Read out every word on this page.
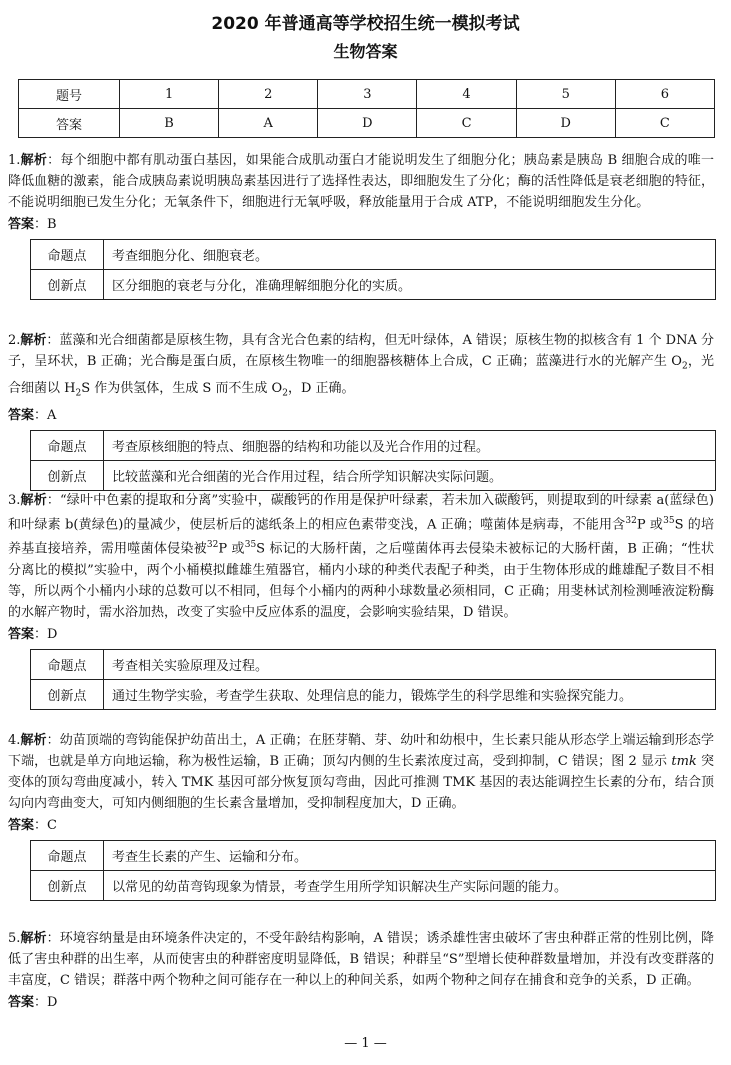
2020 年普通高等学校招生统一模拟考试
生物答案
题号	1	2	3	4	5	6
答案	B	A	D	C	D	C

1.解析：每个细胞中都有肌动蛋白基因，如果能合成肌动蛋白才能说明发生了细胞分化；胰岛素是胰岛 B 细胞合成的唯一降低血糖的激素，能合成胰岛素说明胰岛素基因进行了选择性表达，即细胞发生了分化；酶的活性降低是衰老细胞的特征，不能说明细胞已发生分化；无氧条件下，细胞进行无氧呼吸，释放能量用于合成 ATP，不能说明细胞发生分化。

答案：B
命题点	考查细胞分化、细胞衰老。
创新点	区分细胞的衰老与分化，准确理解细胞分化的实质。

2.解析：蓝藻和光合细菌都是原核生物，具有含光合色素的结构，但无叶绿体，A 错误；原核生物的拟核含有 1 个 DNA 分子，呈环状，B 正确；光合酶是蛋白质，在原核生物唯一的细胞器核糖体上合成，C 正确；蓝藻进行水的光解产生 $O_2$，光合细菌以 $H_2S$ 作为供氢体，生成 S 而不生成 $O_2$，D 正确。

答案：A
命题点	考查原核细胞的特点、细胞器的结构和功能以及光合作用的过程。
创新点	比较蓝藻和光合细菌的光合作用过程，结合所学知识解决实际问题。

3.解析：“绿叶中色素的提取和分离”实验中，碳酸钙的作用是保护叶绿素，若未加入碳酸钙，则提取到的叶绿素 a(蓝绿色)和叶绿素 b(黄绿色)的量减少，使层析后的滤纸条上的相应色素带变浅，A 正确；噬菌体是病毒，不能用含$^{32}$P 或$^{35}$S 的培养基直接培养，需用噬菌体侵染被$^{32}$P 或$^{35}$S 标记的大肠杆菌，之后噬菌体再去侵染未被标记的大肠杆菌，B 正确；“性状分离比的模拟”实验中，两个小桶模拟雌雄生殖器官，桶内小球的种类代表配子种类，由于生物体形成的雌雄配子数目不相等，所以两个小桶内小球的总数可以不相同，但每个小桶内的两种小球数量必须相同，C 正确；用斐林试剂检测唾液淀粉酶的水解产物时，需水浴加热，改变了实验中反应体系的温度，会影响实验结果，D 错误。

答案：D
命题点	考查相关实验原理及过程。
创新点	通过生物学实验，考查学生获取、处理信息的能力，锻炼学生的科学思维和实验探究能力。

4.解析：幼苗顶端的弯钩能保护幼苗出土，A 正确；在胚芽鞘、芽、幼叶和幼根中，生长素只能从形态学上端运输到形态学下端，也就是单方向地运输，称为极性运输，B 正确；顶勾内侧的生长素浓度过高，受到抑制，C 错误；图 2 显示 tmk 突变体的顶勾弯曲度减小，转入 TMK 基因可部分恢复顶勾弯曲，因此可推测 TMK 基因的表达能调控生长素的分布，结合顶勾向内弯曲变大，可知内侧细胞的生长素含量增加，受抑制程度加大，D 正确。

答案：C
命题点	考查生长素的产生、运输和分布。
创新点	以常见的幼苗弯钩现象为情景，考查学生用所学知识解决生产实际问题的能力。

5.解析：环境容纳量是由环境条件决定的，不受年龄结构影响，A 错误；诱杀雄性害虫破坏了害虫种群正常的性别比例，降低了害虫种群的出生率，从而使害虫的种群密度明显降低，B 错误；种群呈“S”型增长使种群数量增加，并没有改变群落的丰富度，C 错误；群落中两个物种之间可能存在一种以上的种间关系，如两个物种之间存在捕食和竞争的关系，D 正确。

答案：D
— 1 —
